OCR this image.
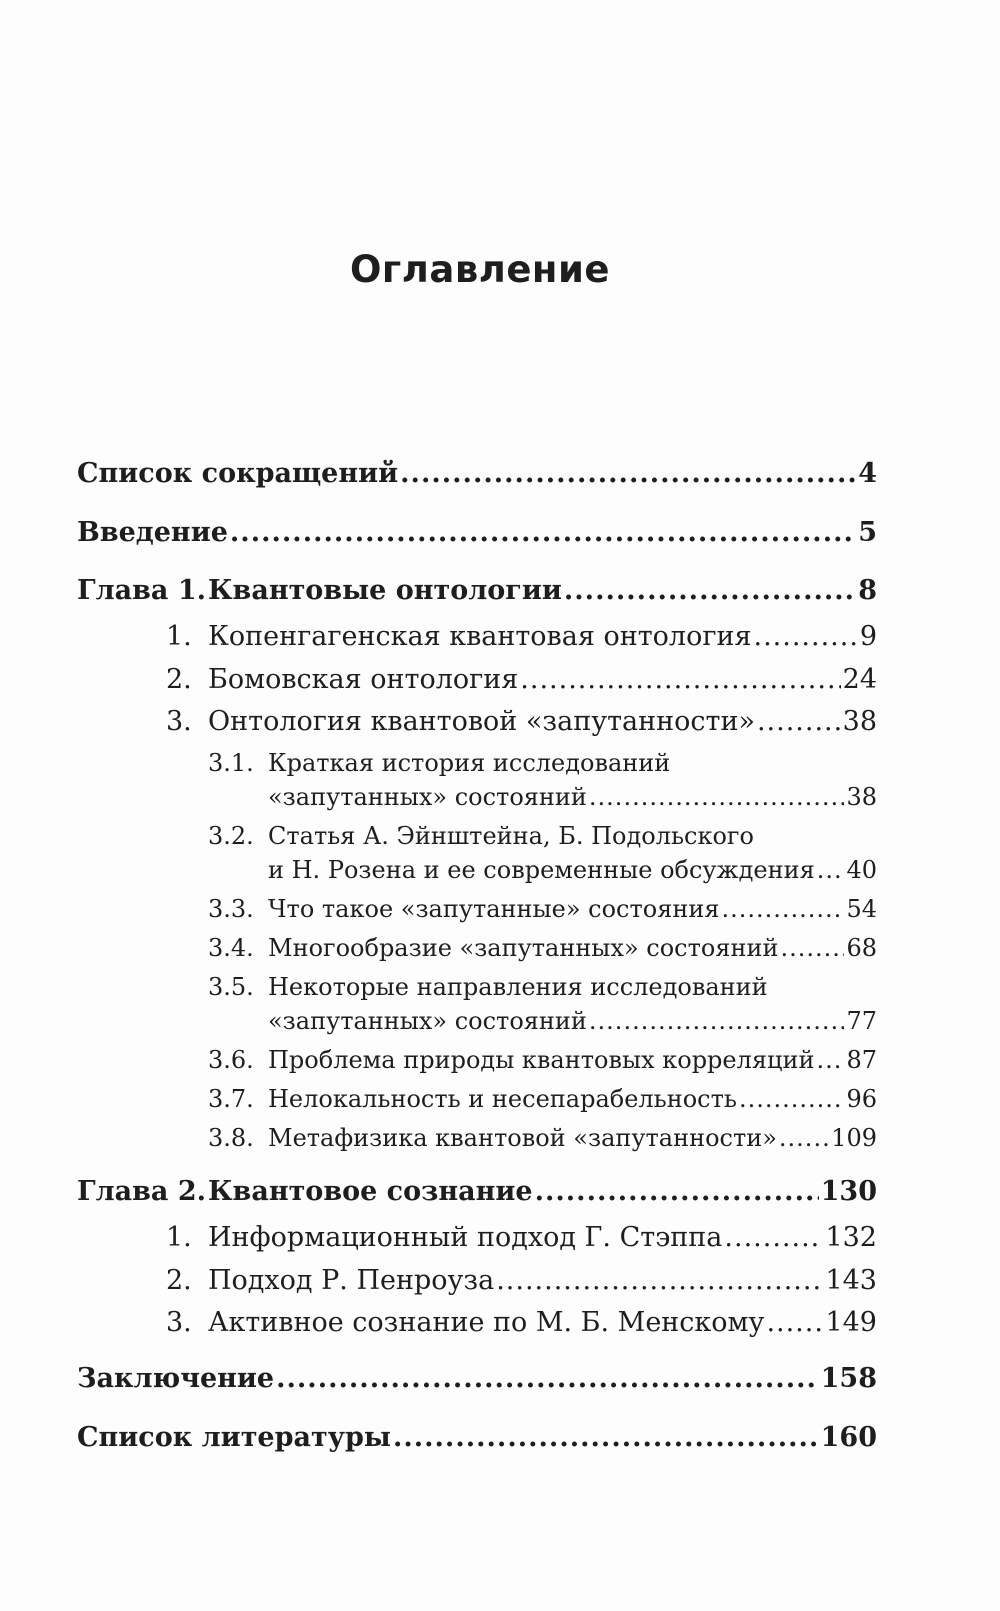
Оглавление
Список сокращений .....	4
Введение .....	5
Глава 1. Квантовые онтологии .....	8
1. Копенгагенская квантовая онтология .....	9
2. Бомовская онтология .....	24
3. Онтология квантовой «запутанности» .....	38
3.1. Краткая история исследований
«запутанных» состояний .....	38
3.2. Статья А. Эйнштейна, Б. Подольского
и Н. Розена и ее современные обсуждения ..... 40
3.3. Что такое «запутанные» состояния .....	54
3.4. Многообразие «запутанных» состояний .....	68
3.5. Некоторые направления исследований
«запутанных» состояний .....	77
3.6. Проблема природы квантовых корреляций ..... 87
3.7. Нелокальность и несепарабельность .....	96
3.8. Метафизика квантовой «запутанности» ..... 109
Глава 2. Квантовое сознание .....	130
1. Информационный подход Г. Стэппа .....	132
2. Подход Р. Пенроуза .....	143
3. Активное сознание по М. Б. Менскому ..... 149
Заключение .....	158
Список литературы .....	160
